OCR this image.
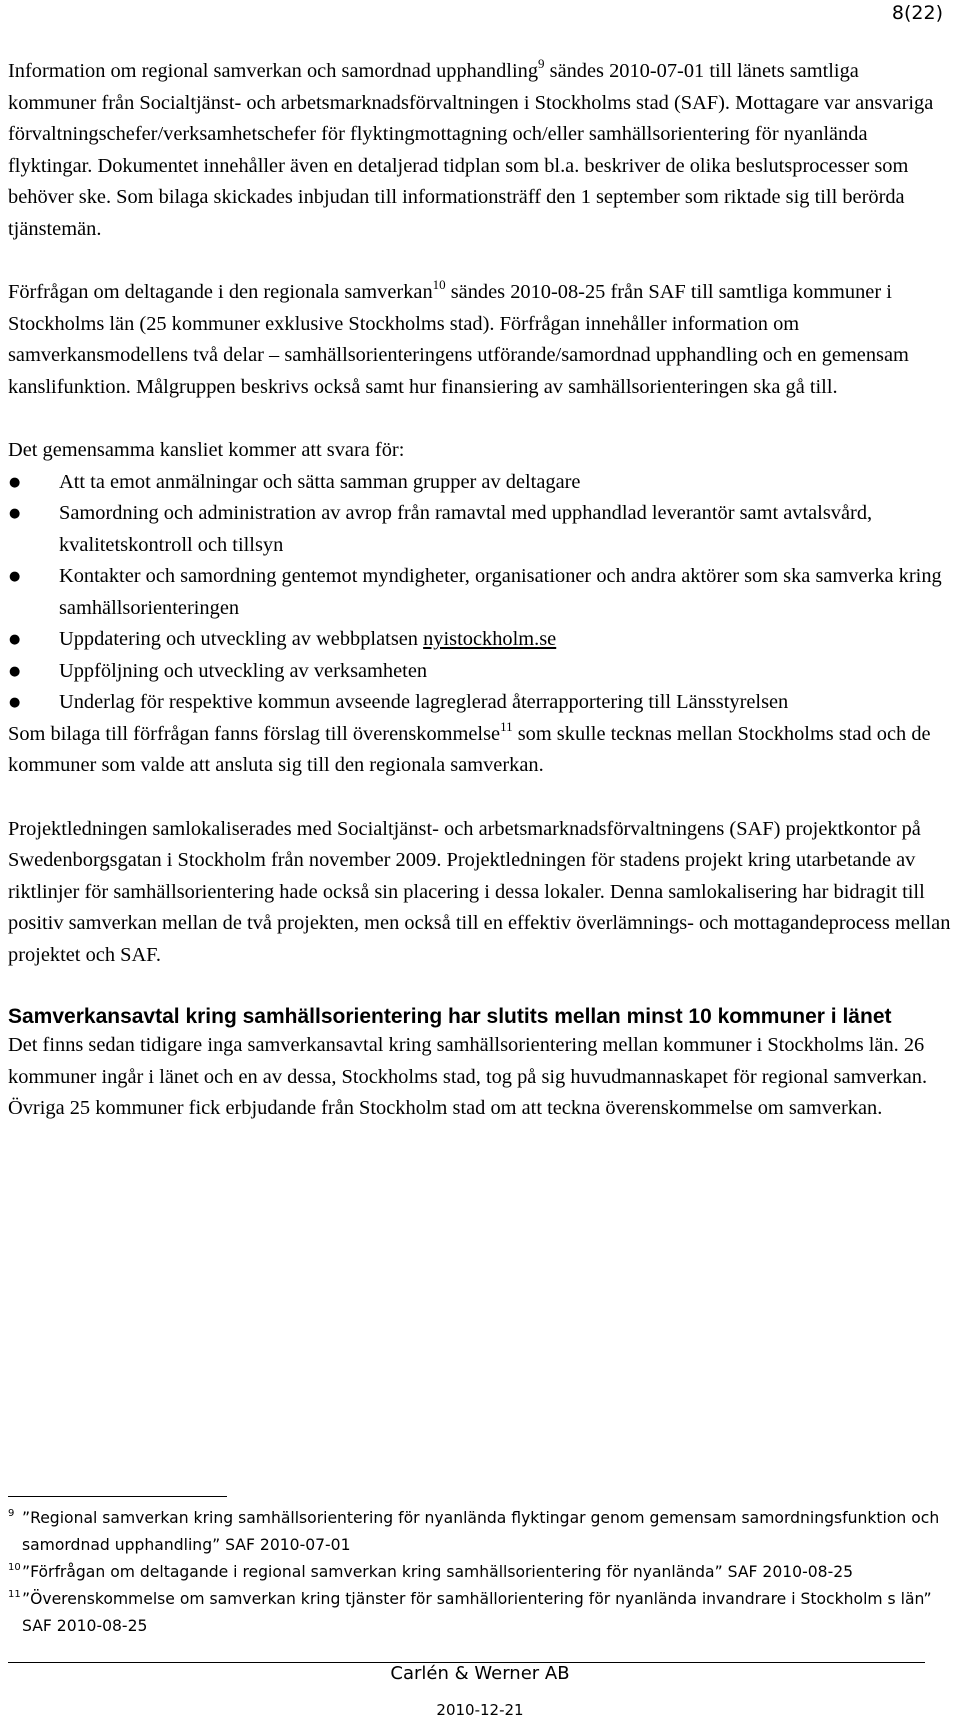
8(22)

Information om regional samverkan och samordnad upphandling$^9$ sändes 2010-07-01 till länets samtliga kommuner från Socialtjänst- och arbetsmarknadsförvaltningen i Stockholms stad (SAF). Mottagare var ansvariga förvaltningschefer/verksamhetschefer för flyktingmottagning och/eller samhällsorientering för nyanlända flyktingar. Dokumentet innehåller även en detaljerad tidplan som bl.a. beskriver de olika beslutsprocesser som behöver ske. Som bilaga skickades inbjudan till informationsträff den 1 september som riktade sig till berörda tjänstemän.

Förfrågan om deltagande i den regionala samverkan$^{10}$ sändes 2010-08-25 från SAF till samtliga kommuner i Stockholms län (25 kommuner exklusive Stockholms stad). Förfrågan innehåller information om samverkansmodellens två delar – samhällsorienteringens utförande/samordnad upphandling och en gemensam kanslifunktion. Målgruppen beskrivs också samt hur finansiering av samhällsorienteringen ska gå till.

Det gemensamma kansliet kommer att svara för:

● Att ta emot anmälningar och sätta samman grupper av deltagare
● Samordning och administration av avrop från ramavtal med upphandlad leverantör samt avtalsvård, kvalitetskontroll och tillsyn
● Kontakter och samordning gentemot myndigheter, organisationer och andra aktörer som ska samverka kring samhällsorienteringen
● Uppdatering och utveckling av webbplatsen nyistockholm.se
● Uppföljning och utveckling av verksamheten
● Underlag för respektive kommun avseende lagreglerad återrapportering till Länsstyrelsen

Som bilaga till förfrågan fanns förslag till överenskommelse$^{11}$ som skulle tecknas mellan Stockholms stad och de kommuner som valde att ansluta sig till den regionala samverkan.

Projektledningen samlokaliserades med Socialtjänst- och arbetsmarknadsförvaltningens (SAF) projektkontor på Swedenborgsgatan i Stockholm från november 2009. Projektledningen för stadens projekt kring utarbetande av riktlinjer för samhällsorientering hade också sin placering i dessa lokaler. Denna samlokalisering har bidragit till positiv samverkan mellan de två projekten, men också till en effektiv överlämnings- och mottagandeprocess mellan projektet och SAF.

Samverkansavtal kring samhällsorientering har slutits mellan minst 10 kommuner i länet

Det finns sedan tidigare inga samverkansavtal kring samhällsorientering mellan kommuner i Stockholms län. 26 kommuner ingår i länet och en av dessa, Stockholms stad, tog på sig huvudmannaskapet för regional samverkan. Övriga 25 kommuner fick erbjudande från Stockholm stad om att teckna överenskommelse om samverkan.

9 ”Regional samverkan kring samhällsorientering för nyanlända flyktingar genom gemensam samordningsfunktion och samordnad upphandling” SAF 2010-07-01
10 ”Förfrågan om deltagande i regional samverkan kring samhällsorientering för nyanlända” SAF 2010-08-25
11 ”Överenskommelse om samverkan kring tjänster för samhällorientering för nyanlända invandrare i Stockholm s län” SAF 2010-08-25
Carlén & Werner AB
2010-12-21
